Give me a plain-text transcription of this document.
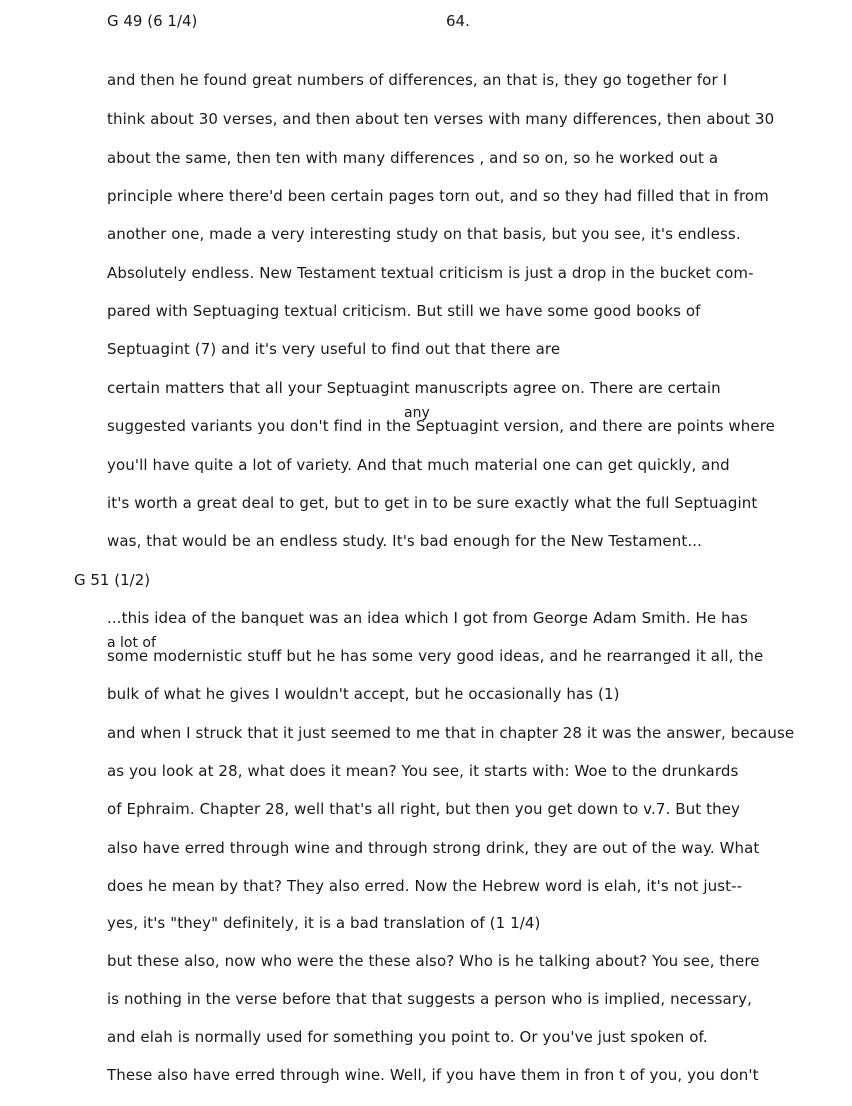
G 49 (6 1/4)	64.
and then he found great numbers of differences, an that is, they go together for I
think about 30 verses, and then about ten verses with many differences, then about 30
about the same, then ten with many differences , and so on, so he worked out a
principle where there'd been certain pages torn out, and so they had filled that in from
another one, made a very interesting study on that basis, but you see, it's endless.
Absolutely endless. New Testament textual criticism is just a drop in the bucket com-
pared with Septuaging textual criticism. But still we have some good books of
Septuagint (7) and it's very useful to find out that there are
certain matters that all your Septuagint manuscripts agree on. There are certain
any
suggested variants you don't find in the Septuagint version, and there are points where
you'll have quite a lot of variety. And that much material one can get quickly, and
it's worth a great deal to get, but to get in to be sure exactly what the full Septuagint
was, that would be an endless study. It's bad enough for the New Testament...
G 51 (1/2)
...this idea of the banquet was an idea which I got from George Adam Smith. He has
a lot of
some modernistic stuff but he has some very good ideas, and he rearranged it all, the
bulk of what he gives I wouldn't accept, but he occasionally has (1)
and when I struck that it just seemed to me that in chapter 28 it was the answer, because
as you look at 28, what does it mean? You see, it starts with: Woe to the drunkards
of Ephraim. Chapter 28, well that's all right, but then you get down to v.7. But they
also have erred through wine and through strong drink, they are out of the way. What
does he mean by that? They also erred. Now the Hebrew word is elah, it's not just--
yes, it's "they" definitely, it is a bad translation of (1 1/4)
but these also, now who were the these also? Who is he talking about? You see, there
is nothing in the verse before that that suggests a person who is implied, necessary,
and elah is normally used for something you point to. Or you've just spoken of.
These also have erred through wine. Well, if you have them in fron t of you, you don't
